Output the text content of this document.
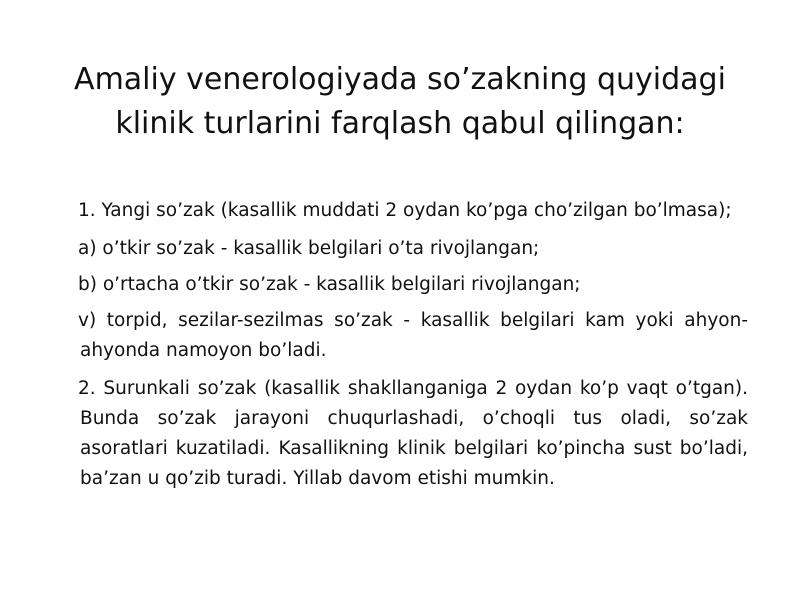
Amaliy venerologiyada so’zakning quyidagi klinik turlarini farqlash qabul qilingan:
1. Yangi so’zak (kasallik muddati 2 oydan ko’pga cho’zilgan bo’lmasa);
a) o’tkir so’zak - kasallik belgilari o’ta rivojlangan;
b) o’rtacha o’tkir so’zak - kasallik belgilari rivojlangan;
v) torpid, sezilar-sezilmas so’zak - kasallik belgilari kam yoki ahyon-ahyonda namoyon bo’ladi.
2. Surunkali so’zak (kasallik shakllanganiga 2 oydan ko’p vaqt o’tgan). Bunda so’zak jarayoni chuqurlashadi, o’choqli tus oladi, so’zak asoratlari kuzatiladi. Kasallikning klinik belgilari ko’pincha sust bo’ladi, ba’zan u qo’zib turadi. Yillab davom etishi mumkin.
